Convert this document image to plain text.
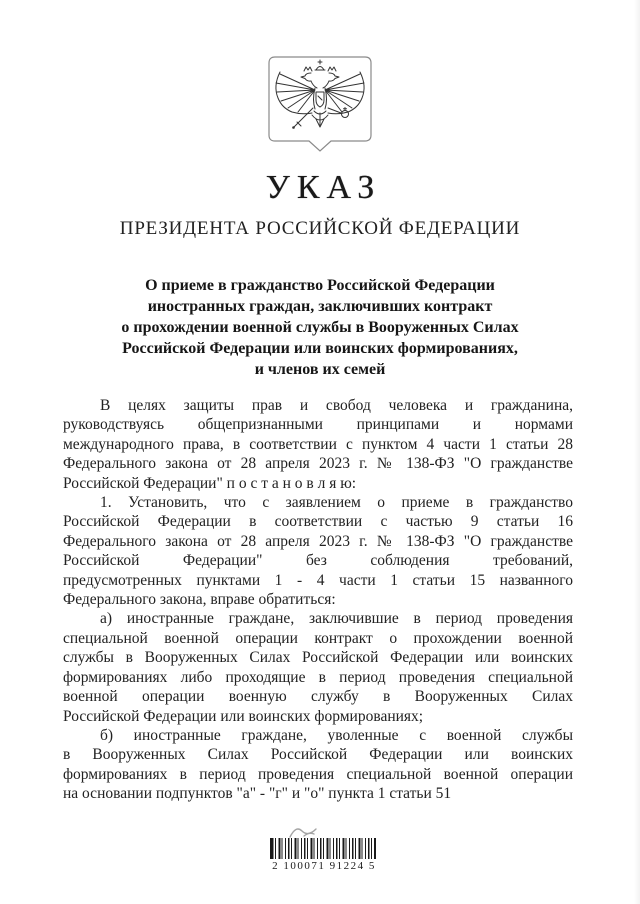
УКАЗ
ПРЕЗИДЕНТА РОССИЙСКОЙ ФЕДЕРАЦИИ
О приеме в гражданство Российской Федерации
иностранных граждан, заключивших контракт
о прохождении военной службы в Вооруженных Силах
Российской Федерации или воинских формированиях,
и членов их семей
В целях защиты прав и свобод человека и гражданина,
руководствуясь общепризнанными принципами и нормами
международного права, в соответствии с пунктом 4 части 1 статьи 28
Федерального закона от 28 апреля 2023 г. № 138-ФЗ "О гражданстве
Российской Федерации" п о с т а н о в л я ю:
1. Установить, что с заявлением о приеме в гражданство
Российской Федерации в соответствии с частью 9 статьи 16
Федерального закона от 28 апреля 2023 г. № 138-ФЗ "О гражданстве
Российской Федерации" без соблюдения требований,
предусмотренных пунктами 1 - 4 части 1 статьи 15 названного
Федерального закона, вправе обратиться:
а) иностранные граждане, заключившие в период проведения
специальной военной операции контракт о прохождении военной
службы в Вооруженных Силах Российской Федерации или воинских
формированиях либо проходящие в период проведения специальной
военной операции военную службу в Вооруженных Силах
Российской Федерации или воинских формированиях;
б) иностранные граждане, уволенные с военной службы
в Вооруженных Силах Российской Федерации или воинских
формированиях в период проведения специальной военной операции
на основании подпунктов "а" - "г" и "о" пункта 1 статьи 51
2 100071 91224 5
